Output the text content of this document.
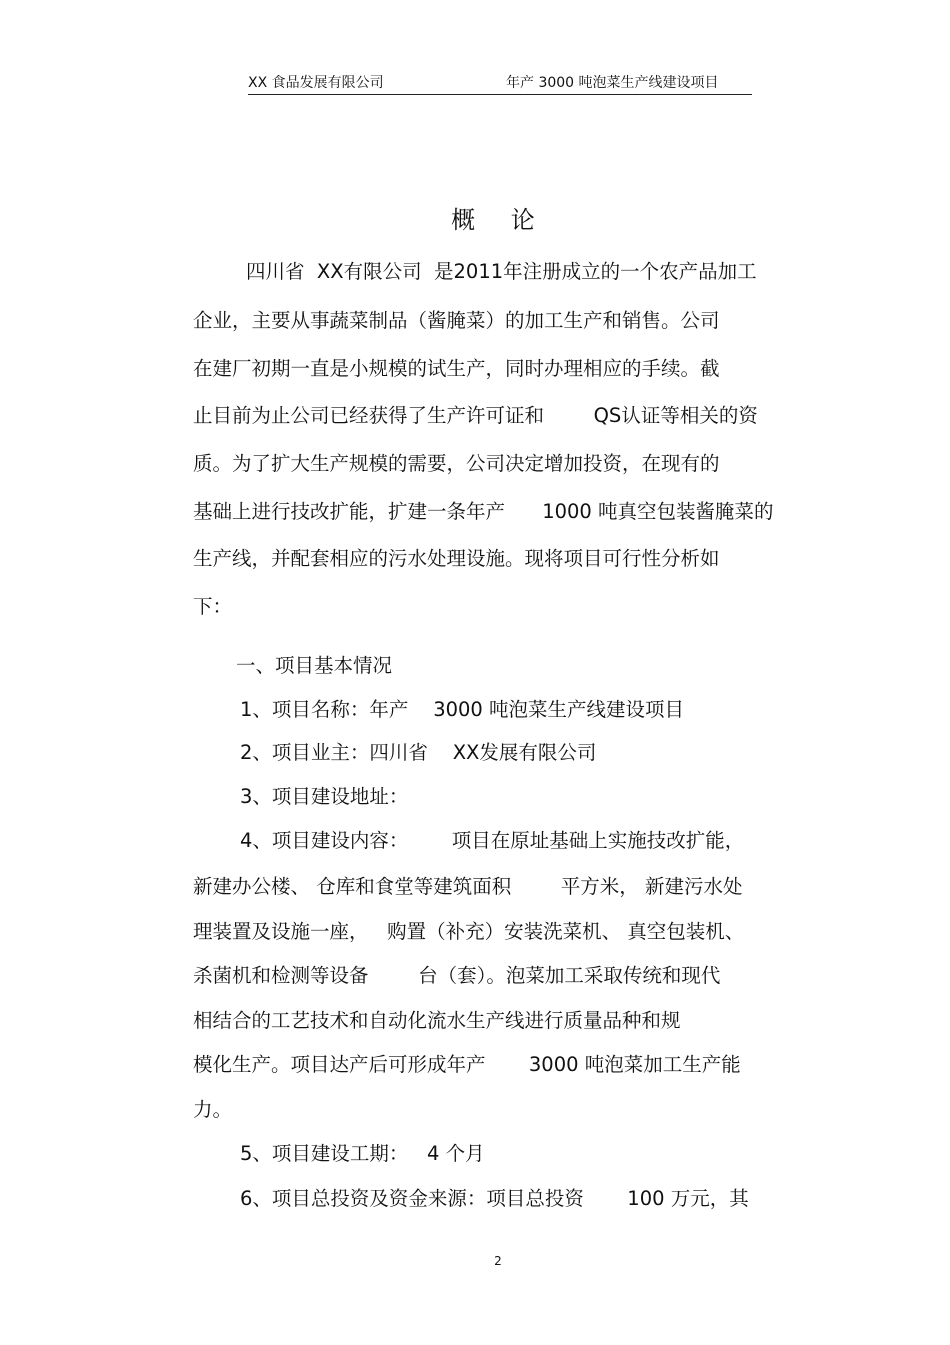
XX 食品发展有限公司	年产 3000 吨泡菜生产线建设项目
概 论
四川省  XX有限公司  是2011年注册成立的一个农产品加工
企业，主要从事蔬菜制品（酱腌菜）的加工生产和销售。公司
在建厂初期一直是小规模的试生产，同时办理相应的手续。截
止目前为止公司已经获得了生产许可证和        QS认证等相关的资
质。为了扩大生产规模的需要，公司决定增加投资，在现有的
基础上进行技改扩能，扩建一条年产      1000 吨真空包装酱腌菜的
生产线，并配套相应的污水处理设施。现将项目可行性分析如
下：
一、项目基本情况
1、项目名称：年产    3000 吨泡菜生产线建设项目
2、项目业主：四川省    XX发展有限公司
3、项目建设地址：
4、项目建设内容：       项目在原址基础上实施技改扩能，
新建办公楼、 仓库和食堂等建筑面积        平方米， 新建污水处
理装置及设施一座，   购置（补充）安装洗菜机、 真空包装机、
杀菌机和检测等设备        台（套）。泡菜加工采取传统和现代
相结合的工艺技术和自动化流水生产线进行质量品种和规
模化生产。项目达产后可形成年产       3000 吨泡菜加工生产能
力。
5、项目建设工期：   4 个月
6、项目总投资及资金来源：项目总投资       100 万元，其
2
